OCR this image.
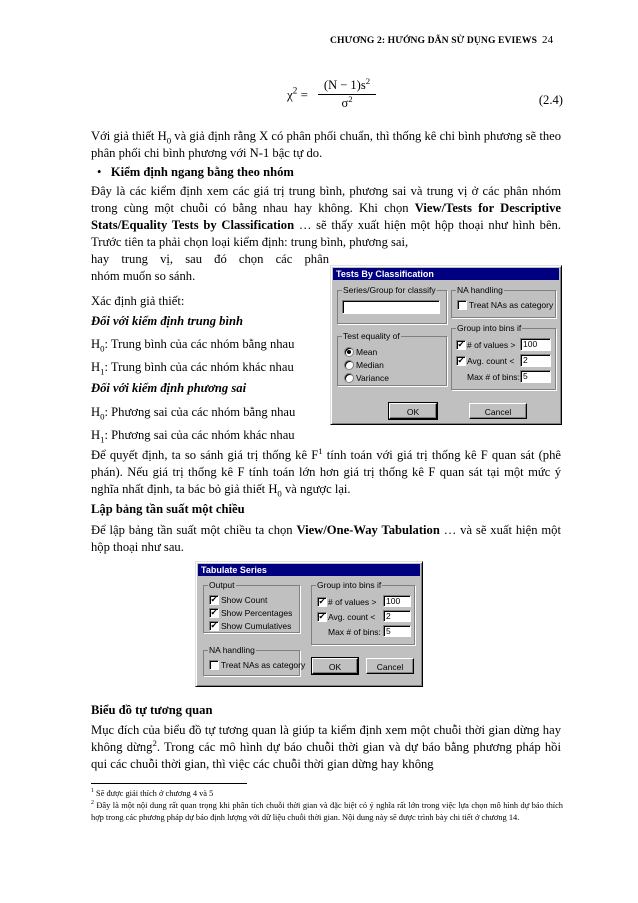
CHƯƠNG 2: HƯỚNG DẪN SỬ DỤNG EVIEWS 24
$\chi^2 = \frac{(N - 1)s^2}{\sigma^2}$	(2.4)
Với giả thiết $H_0$ và giả định rằng X có phân phối chuẩn, thì thống kê chi bình phương sẽ theo phân phối chi bình phương với N-1 bậc tự do.
• Kiểm định ngang bằng theo nhóm
Đây là các kiểm định xem các giá trị trung bình, phương sai và trung vị ở các phân nhóm trong cùng một chuỗi có bằng nhau hay không. Khi chọn View/Tests for Descriptive Stats/Equality Tests by Classification … sẽ thấy xuất hiện một hộp thoại như hình bên. Trước tiên ta phải chọn loại kiểm định: trung bình, phương sai,
hay trung vị, sau đó chọn các phân
nhóm muốn so sánh.
Xác định giả thiết:
Đối với kiểm định trung bình
$H_0$: Trung bình của các nhóm bằng nhau
$H_1$: Trung bình của các nhóm khác nhau
Đối với kiểm định phương sai
$H_0$: Phương sai của các nhóm bằng nhau
$H_1$: Phương sai của các nhóm khác nhau
Tests By Classification
Series/Group for classify	NA handling
Treat NAs as category
Test equality of
Mean
Median
Variance
Group into bins if
✔ # of values > 100
✔ Avg. count <	2
Max # of bins: 5
OK	Cancel
Để quyết định, ta so sánh giá trị thống kê $F^1$ tính toán với giá trị thống kê F quan sát (phê phán). Nếu giá trị thống kê F tính toán lớn hơn giá trị thống kê F quan sát tại một mức ý nghĩa nhất định, ta bác bỏ giả thiết $H_0$ và ngược lại.
Lập bảng tần suất một chiều
Để lập bảng tần suất một chiều ta chọn View/One-Way Tabulation … và sẽ xuất hiện một hộp thoại như sau.
Tabulate Series
Output
✔ Show Count
✔ Show Percentages
✔ Show Cumulatives
Group into bins if
✔ # of values >	100
✔ Avg. count <	2
Max # of bins: 5
NA handling
Treat NAs as category	OK	Cancel
Biểu đồ tự tương quan
Mục đích của biểu đồ tự tương quan là giúp ta kiểm định xem một chuỗi thời gian dừng hay không dừng$^2$. Trong các mô hình dự báo chuỗi thời gian và dự báo bằng phương pháp hồi qui các chuỗi thời gian, thì việc các chuỗi thời gian dừng hay không
$^1$ Sẽ được giải thích ở chương 4 và 5
$^2$ Đây là một nội dung rất quan trọng khi phân tích chuỗi thời gian và đặc biệt có ý nghĩa rất lớn trong việc lựa chọn mô hình dự báo thích hợp trong các phương pháp dự báo định lượng với dữ liệu chuỗi thời gian. Nội dung này sẽ được trình bày chi tiết ở chương 14.
